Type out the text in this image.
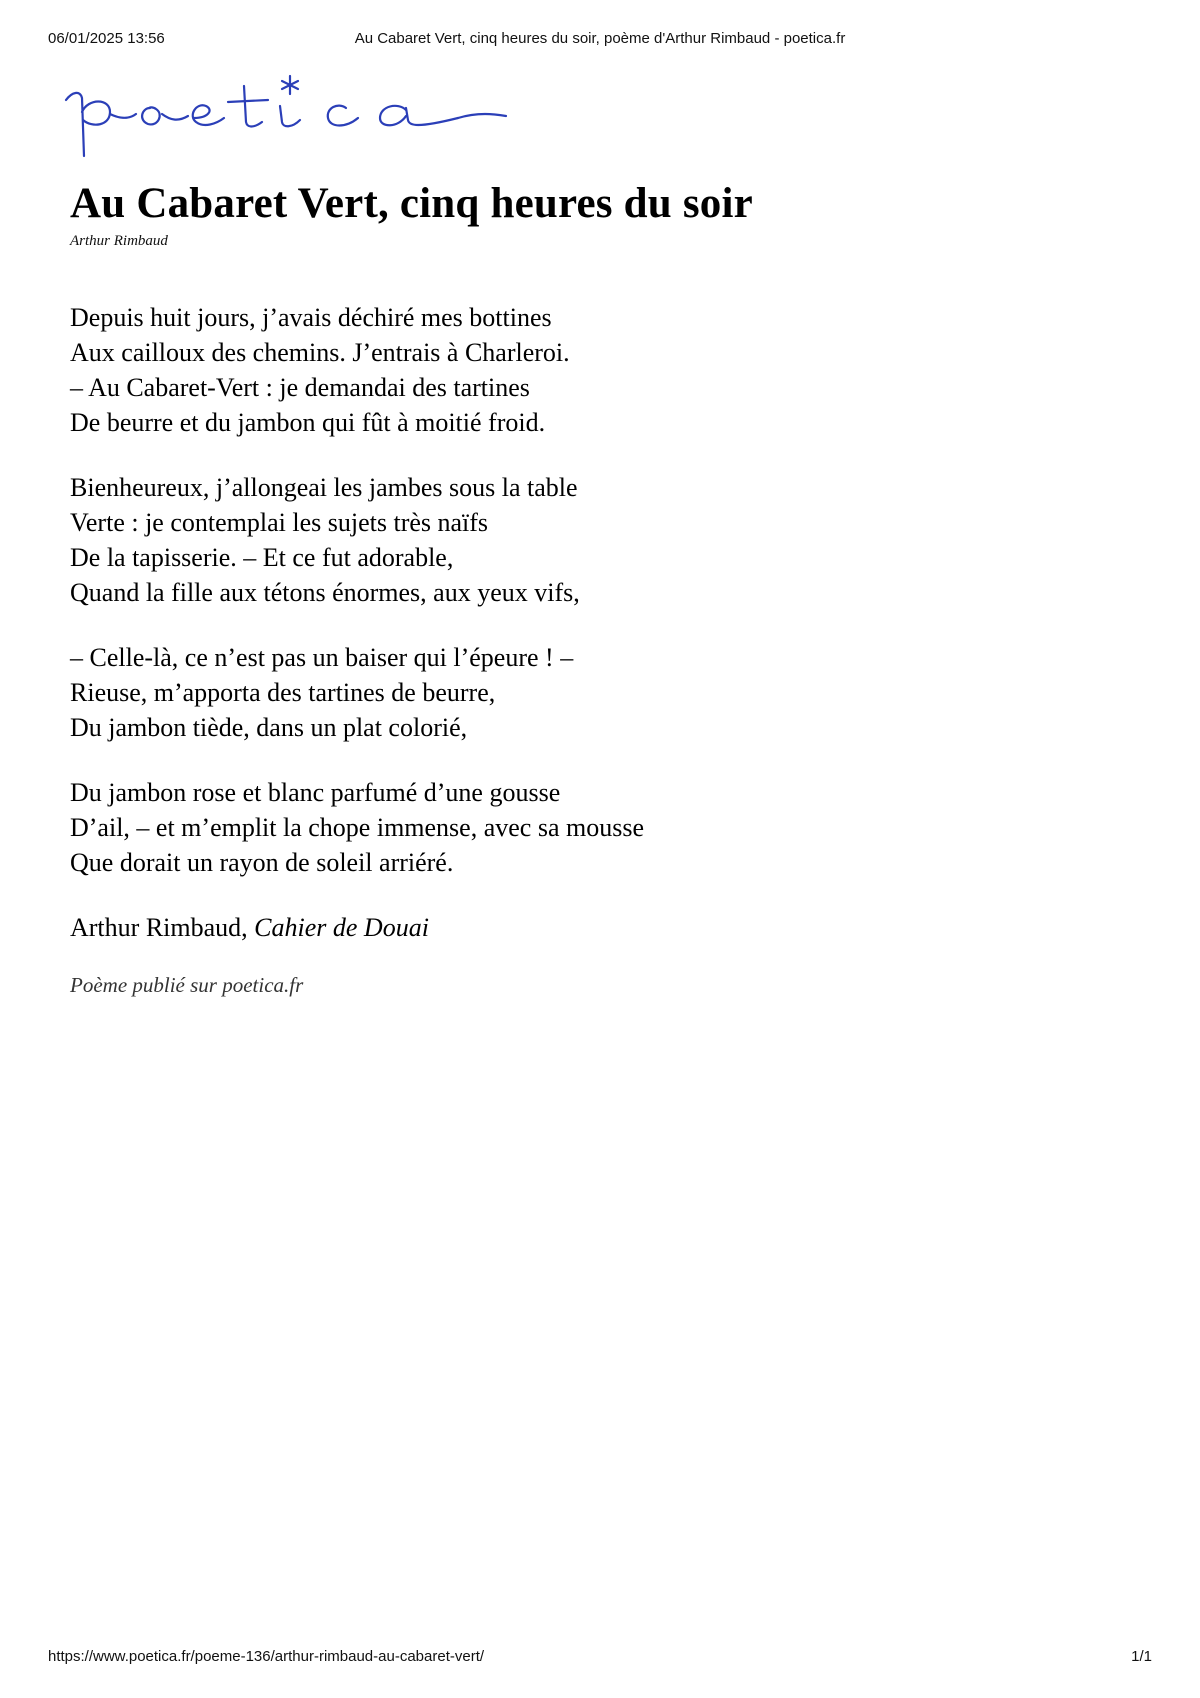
06/01/2025 13:56	Au Cabaret Vert, cinq heures du soir, poème d'Arthur Rimbaud - poetica.fr
Au Cabaret Vert, cinq heures du soir
Arthur Rimbaud
Depuis huit jours, j’avais déchiré mes bottines
Aux cailloux des chemins. J’entrais à Charleroi.
– Au Cabaret-Vert : je demandai des tartines
De beurre et du jambon qui fût à moitié froid.
Bienheureux, j’allongeai les jambes sous la table
Verte : je contemplai les sujets très naïfs
De la tapisserie. – Et ce fut adorable,
Quand la fille aux tétons énormes, aux yeux vifs,
– Celle-là, ce n’est pas un baiser qui l’épeure ! –
Rieuse, m’apporta des tartines de beurre,
Du jambon tiède, dans un plat colorié,
Du jambon rose et blanc parfumé d’une gousse
D’ail, – et m’emplit la chope immense, avec sa mousse
Que dorait un rayon de soleil arriéré.
Arthur Rimbaud, Cahier de Douai
Poème publié sur poetica.fr
https://www.poetica.fr/poeme-136/arthur-rimbaud-au-cabaret-vert/	1/1
